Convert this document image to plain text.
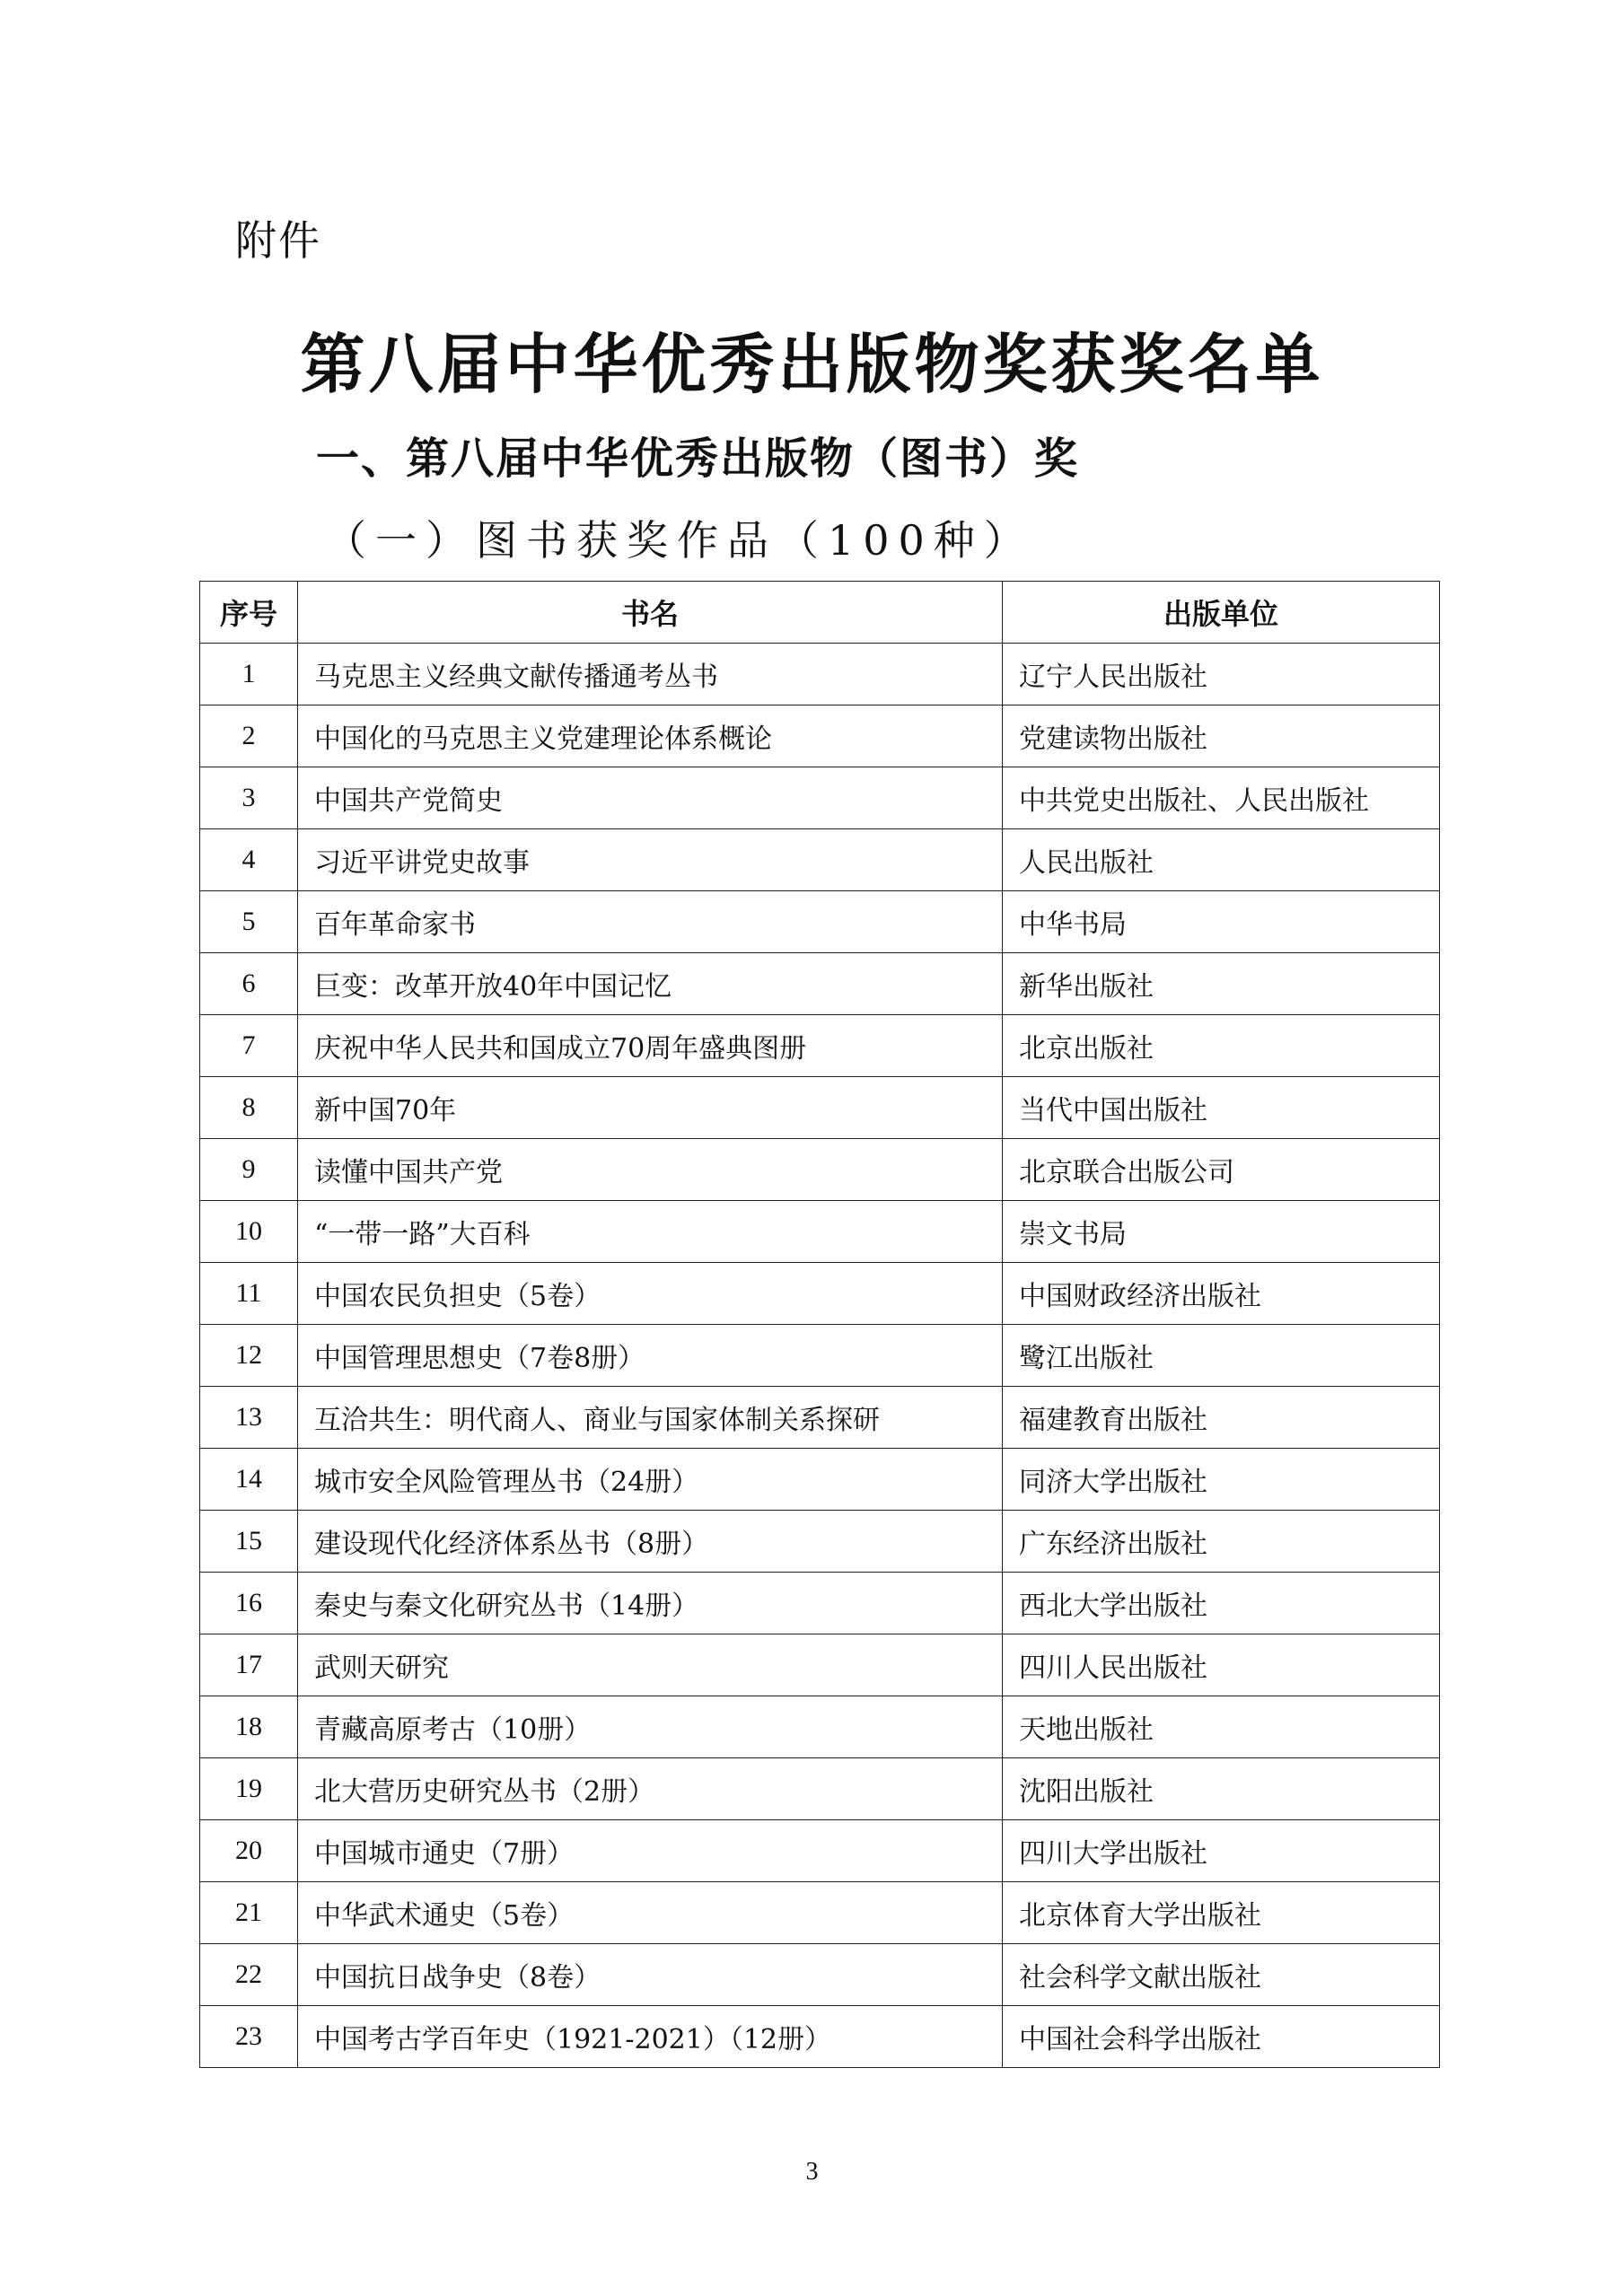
附件
第八届中华优秀出版物奖获奖名单
一、第八届中华优秀出版物（图书）奖
（一）图书获奖作品（100种）
序号	书名	出版单位
1	马克思主义经典文献传播通考丛书	辽宁人民出版社
2	中国化的马克思主义党建理论体系概论	党建读物出版社
3	中国共产党简史	中共党史出版社、人民出版社
4	习近平讲党史故事	人民出版社
5	百年革命家书	中华书局
6	巨变：改革开放40年中国记忆	新华出版社
7	庆祝中华人民共和国成立70周年盛典图册	北京出版社
8	新中国70年	当代中国出版社
9	读懂中国共产党	北京联合出版公司
10	“一带一路”大百科	崇文书局
11	中国农民负担史（5卷）	中国财政经济出版社
12	中国管理思想史（7卷8册）	鹭江出版社
13	互洽共生：明代商人、商业与国家体制关系探研	福建教育出版社
14	城市安全风险管理丛书（24册）	同济大学出版社
15	建设现代化经济体系丛书（8册）	广东经济出版社
16	秦史与秦文化研究丛书（14册）	西北大学出版社
17	武则天研究	四川人民出版社
18	青藏高原考古（10册）	天地出版社
19	北大营历史研究丛书（2册）	沈阳出版社
20	中国城市通史（7册）	四川大学出版社
21	中华武术通史（5卷）	北京体育大学出版社
22	中国抗日战争史（8卷）	社会科学文献出版社
23	中国考古学百年史（1921-2021）（12册）	中国社会科学出版社
3
